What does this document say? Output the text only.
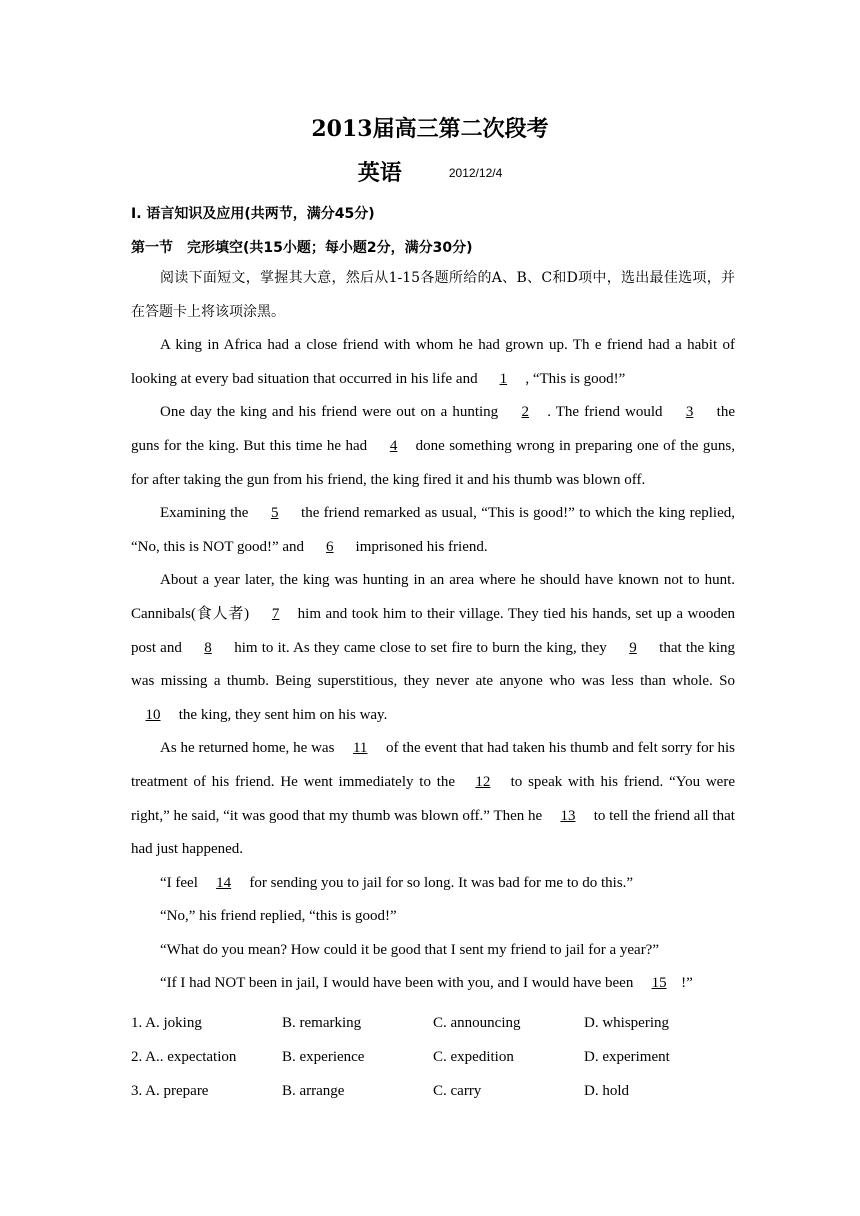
2013届高三第二次段考
英语	2012/12/4
Ⅰ. 语言知识及应用(共两节，满分45分)
第一节　完形填空(共15小题；每小题2分，满分30分)

阅读下面短文，掌握其大意，然后从1-15各题所给的A、B、C和D项中，选出最佳选项，并在答题卡上将该项涂黑。

A king in Africa had a close friend with whom he had grown up. Th e friend had a habit of looking at every bad situation that occurred in his life and 1 , “This is good!”

One day the king and his friend were out on a hunting 2 . The friend would 3 the guns for the king. But this time he had 4 done something wrong in preparing one of the guns, for after taking the gun from his friend, the king fired it and his thumb was blown off.

Examining the 5 the friend remarked as usual, “This is good!” to which the king replied, “No, this is NOT good!” and 6 imprisoned his friend.

About a year later, the king was hunting in an area where he should have known not to hunt. Cannibals(食人者) 7 him and took him to their village. They tied his hands, set up a wooden post and 8 him to it. As they came close to set fire to burn the king, they 9 that the king was missing a thumb. Being superstitious, they never ate anyone who was less than whole. So 10 the king, they sent him on his way.

As he returned home, he was 11 of the event that had taken his thumb and felt sorry for his treatment of his friend. He went immediately to the 12 to speak with his friend. “You were right,” he said, “it was good that my thumb was blown off.” Then he 13 to tell the friend all that had just happened.

“I feel 14 for sending you to jail for so long. It was bad for me to do this.”

“No,” his friend replied, “this is good!”

“What do you mean? How could it be good that I sent my friend to jail for a year?”

“If I had NOT been in jail, I would have been with you, and I would have been 15 !”

1. A. joking	B. remarking	C. announcing	D. whispering
2. A.. expectation	B. experience	C. expedition	D. experiment
3. A. prepare	B. arrange	C. carry	D. hold
